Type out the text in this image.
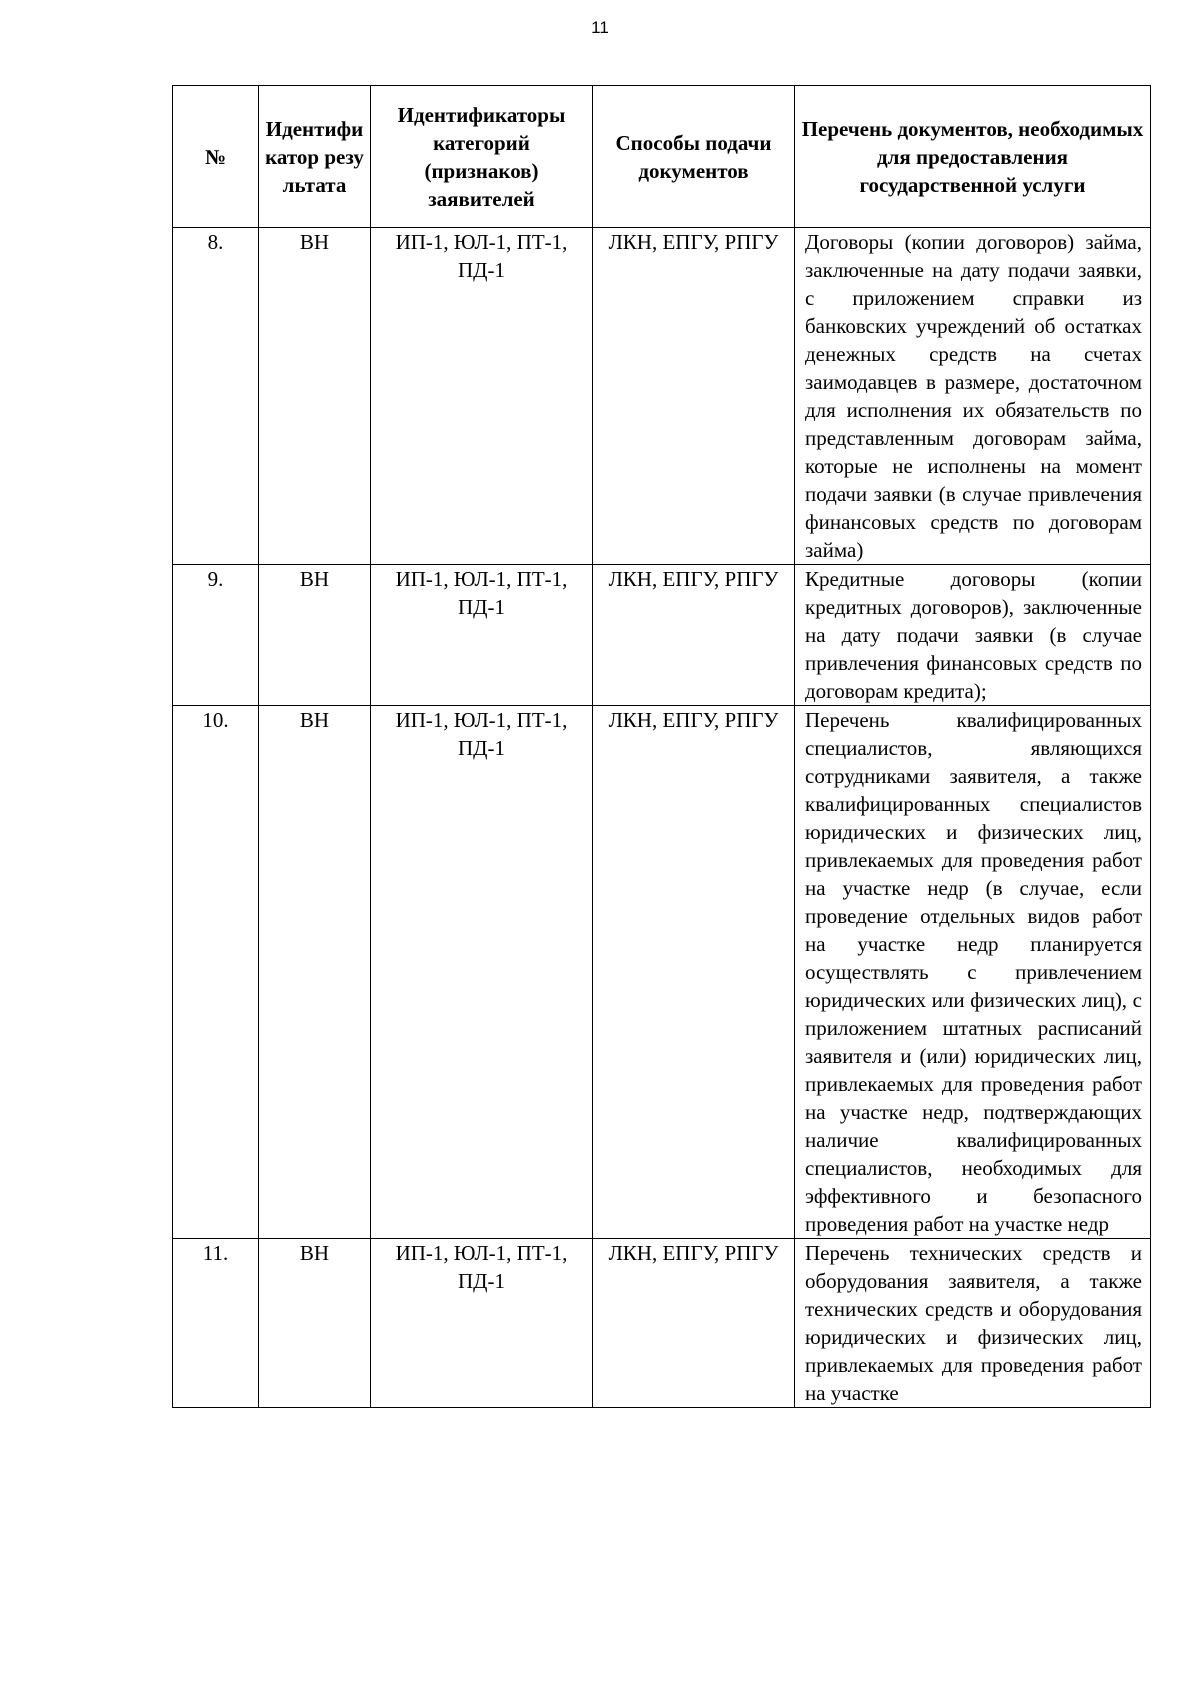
11
№	Идентификатор результата	Идентификаторы категорий (признаков) заявителей	Способы подачи документов	Перечень документов, необходимых для предоставления государственной услуги
8.	ВН	ИП-1, ЮЛ-1, ПТ-1, ПД-1	ЛКН, ЕПГУ, РПГУ	Договоры (копии договоров) займа, заключенные на дату подачи заявки, с приложением справки из банковских учреждений об остатках денежных средств на счетах заимодавцев в размере, достаточном для исполнения их обязательств по представленным договорам займа, которые не исполнены на момент подачи заявки (в случае привлечения финансовых средств по договорам займа)
9.	ВН	ИП-1, ЮЛ-1, ПТ-1, ПД-1	ЛКН, ЕПГУ, РПГУ	Кредитные договоры (копии кредитных договоров), заключенные на дату подачи заявки (в случае привлечения финансовых средств по договорам кредита);
10.	ВН	ИП-1, ЮЛ-1, ПТ-1, ПД-1	ЛКН, ЕПГУ, РПГУ	Перечень квалифицированных специалистов, являющихся сотрудниками заявителя, а также квалифицированных специалистов юридических и физических лиц, привлекаемых для проведения работ на участке недр (в случае, если проведение отдельных видов работ на участке недр планируется осуществлять с привлечением юридических или физических лиц), с приложением штатных расписаний заявителя и (или) юридических лиц, привлекаемых для проведения работ на участке недр, подтверждающих наличие квалифицированных специалистов, необходимых для эффективного и безопасного проведения работ на участке недр
11.	ВН	ИП-1, ЮЛ-1, ПТ-1, ПД-1	ЛКН, ЕПГУ, РПГУ	Перечень технических средств и оборудования заявителя, а также технических средств и оборудования юридических и физических лиц, привлекаемых для проведения работ на участке
